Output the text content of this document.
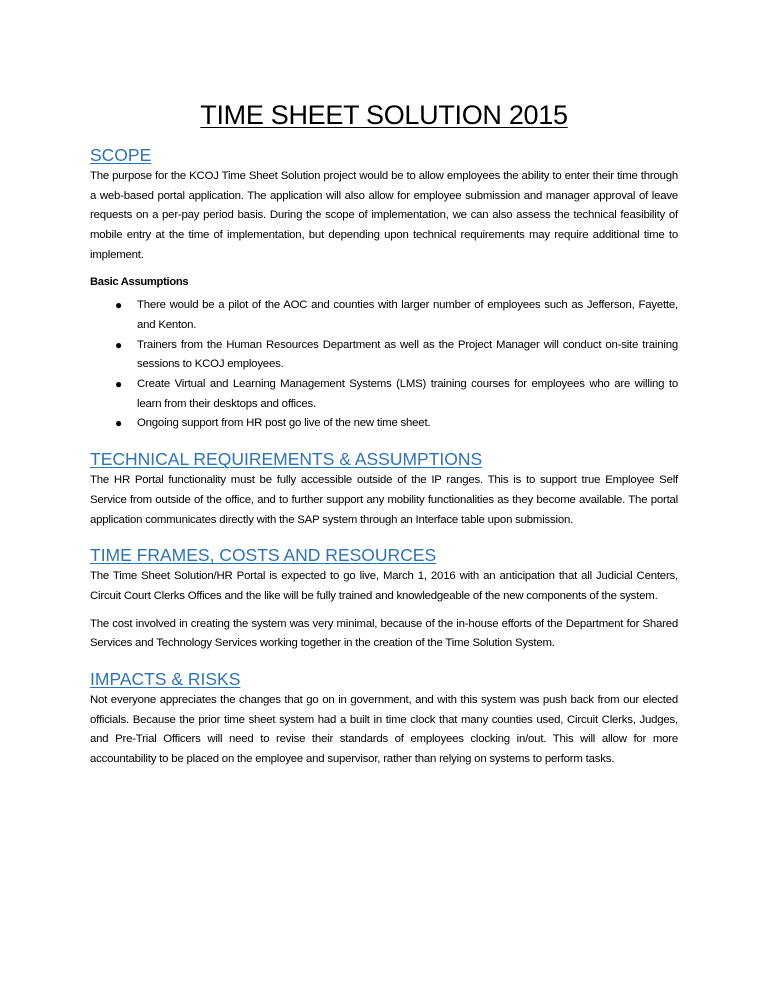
TIME SHEET SOLUTION 2015
SCOPE

The purpose for the KCOJ Time Sheet Solution project would be to allow employees the ability to enter their time through a web-based portal application. The application will also allow for employee submission and manager approval of leave requests on a per-pay period basis. During the scope of implementation, we can also assess the technical feasibility of mobile entry at the time of implementation, but depending upon technical requirements may require additional time to implement.

Basic Assumptions
● There would be a pilot of the AOC and counties with larger number of employees such as Jefferson, Fayette, and Kenton.
● Trainers from the Human Resources Department as well as the Project Manager will conduct on-site training sessions to KCOJ employees.
● Create Virtual and Learning Management Systems (LMS) training courses for employees who are willing to learn from their desktops and offices.
● Ongoing support from HR post go live of the new time sheet.
TECHNICAL REQUIREMENTS & ASSUMPTIONS

The HR Portal functionality must be fully accessible outside of the IP ranges. This is to support true Employee Self Service from outside of the office, and to further support any mobility functionalities as they become available. The portal application communicates directly with the SAP system through an Interface table upon submission.

TIME FRAMES, COSTS AND RESOURCES

The Time Sheet Solution/HR Portal is expected to go live, March 1, 2016 with an anticipation that all Judicial Centers, Circuit Court Clerks Offices and the like will be fully trained and knowledgeable of the new components of the system.

The cost involved in creating the system was very minimal, because of the in-house efforts of the Department for Shared Services and Technology Services working together in the creation of the Time Solution System.

IMPACTS & RISKS

Not everyone appreciates the changes that go on in government, and with this system was push back from our elected officials. Because the prior time sheet system had a built in time clock that many counties used, Circuit Clerks, Judges, and Pre-Trial Officers will need to revise their standards of employees clocking in/out. This will allow for more accountability to be placed on the employee and supervisor, rather than relying on systems to perform tasks.
